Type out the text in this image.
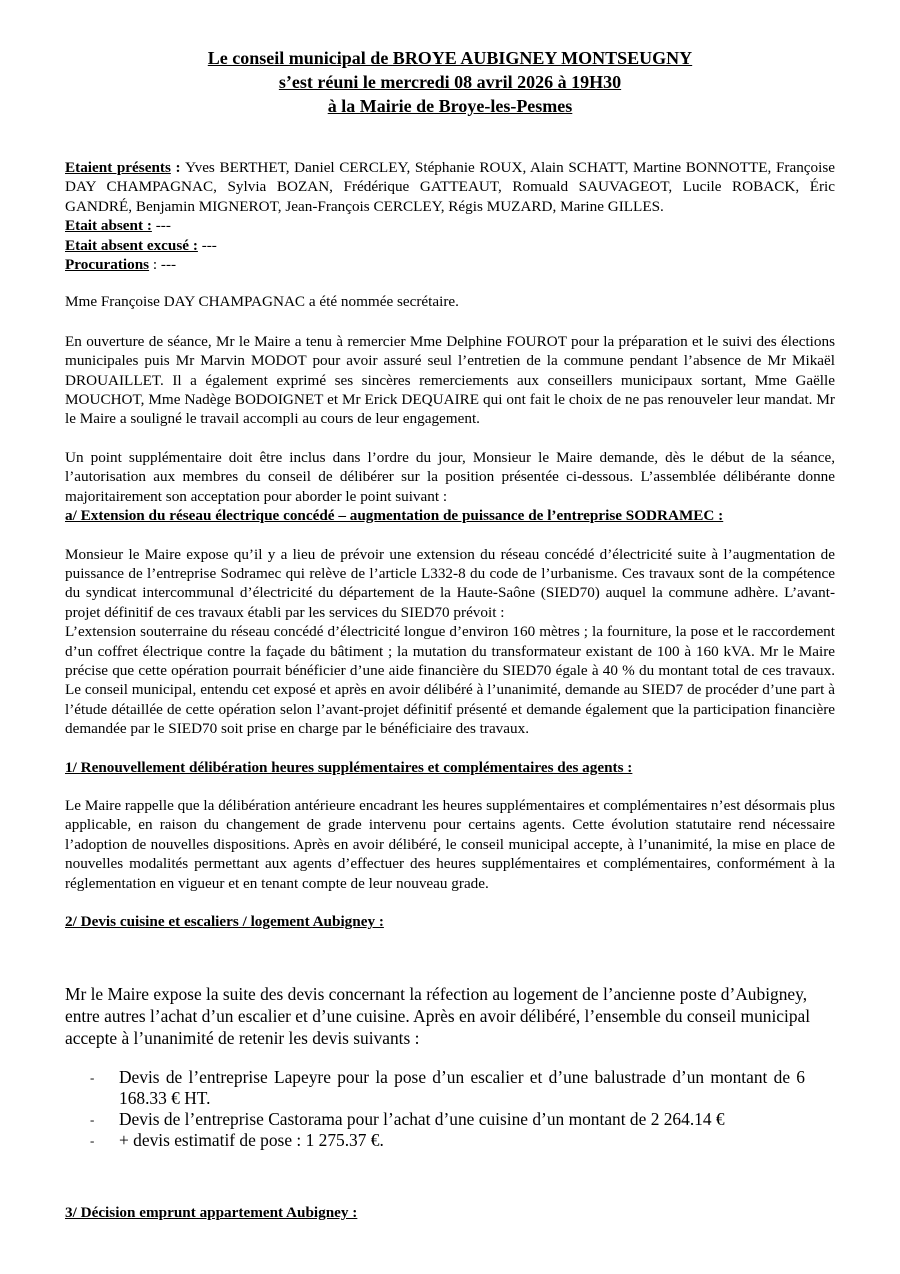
Le conseil municipal de BROYE AUBIGNEY MONTSEUGNY
s’est réuni le mercredi 08 avril 2026 à 19H30
à la Mairie de Broye-les-Pesmes
Etaient présents : Yves BERTHET, Daniel CERCLEY, Stéphanie ROUX, Alain SCHATT, Martine BONNOTTE, Françoise DAY CHAMPAGNAC, Sylvia BOZAN, Frédérique GATTEAUT, Romuald SAUVAGEOT, Lucile ROBACK, Éric GANDRÉ, Benjamin MIGNEROT, Jean-François CERCLEY, Régis MUZARD, Marine GILLES.
Etait absent : ---
Etait absent excusé : ---
Procurations : ---
Mme Françoise DAY CHAMPAGNAC a été nommée secrétaire.
En ouverture de séance, Mr le Maire a tenu à remercier Mme Delphine FOUROT pour la préparation et le suivi des élections municipales puis Mr Marvin MODOT pour avoir assuré seul l’entretien de la commune pendant l’absence de Mr Mikaël DROUAILLET. Il a également exprimé ses sincères remerciements aux conseillers municipaux sortant, Mme Gaëlle MOUCHOT, Mme Nadège BODOIGNET et Mr Erick DEQUAIRE qui ont fait le choix de ne pas renouveler leur mandat. Mr le Maire a souligné le travail accompli au cours de leur engagement.
Un point supplémentaire doit être inclus dans l’ordre du jour, Monsieur le Maire demande, dès le début de la séance, l’autorisation aux membres du conseil de délibérer sur la position présentée ci-dessous. L’assemblée délibérante donne majoritairement son acceptation pour aborder le point suivant :
a/ Extension du réseau électrique concédé – augmentation de puissance de l’entreprise SODRAMEC :
Monsieur le Maire expose qu’il y a lieu de prévoir une extension du réseau concédé d’électricité suite à l’augmentation de puissance de l’entreprise Sodramec qui relève de l’article L332-8 du code de l’urbanisme. Ces travaux sont de la compétence du syndicat intercommunal d’électricité du département de la Haute-Saône (SIED70) auquel la commune adhère. L’avant-projet définitif de ces travaux établi par les services du SIED70 prévoit :
L’extension souterraine du réseau concédé d’électricité longue d’environ 160 mètres ; la fourniture, la pose et le raccordement d’un coffret électrique contre la façade du bâtiment ; la mutation du transformateur existant de 100 à 160 kVA. Mr le Maire précise que cette opération pourrait bénéficier d’une aide financière du SIED70 égale à 40 % du montant total de ces travaux. Le conseil municipal, entendu cet exposé et après en avoir délibéré à l’unanimité, demande au SIED7 de procéder d’une part à l’étude détaillée de cette opération selon l’avant-projet définitif présenté et demande également que la participation financière demandée par le SIED70 soit prise en charge par le bénéficiaire des travaux.
1/ Renouvellement délibération heures supplémentaires et complémentaires des agents :
Le Maire rappelle que la délibération antérieure encadrant les heures supplémentaires et complémentaires n’est désormais plus applicable, en raison du changement de grade intervenu pour certains agents. Cette évolution statutaire rend nécessaire l’adoption de nouvelles dispositions. Après en avoir délibéré, le conseil municipal accepte, à l’unanimité, la mise en place de nouvelles modalités permettant aux agents d’effectuer des heures supplémentaires et complémentaires, conformément à la réglementation en vigueur et en tenant compte de leur nouveau grade.
2/ Devis cuisine et escaliers / logement Aubigney :
Mr le Maire expose la suite des devis concernant la réfection au logement de l’ancienne poste d’Aubigney, entre autres l’achat d’un escalier et d’une cuisine. Après en avoir délibéré, l’ensemble du conseil municipal accepte à l’unanimité de retenir les devis suivants :
- Devis de l’entreprise Lapeyre pour la pose d’un escalier et d’une balustrade d’un montant de 6 168.33 € HT.
- Devis de l’entreprise Castorama pour l’achat d’une cuisine d’un montant de 2 264.14 €
- + devis estimatif de pose : 1 275.37 €.
3/ Décision emprunt appartement Aubigney :
